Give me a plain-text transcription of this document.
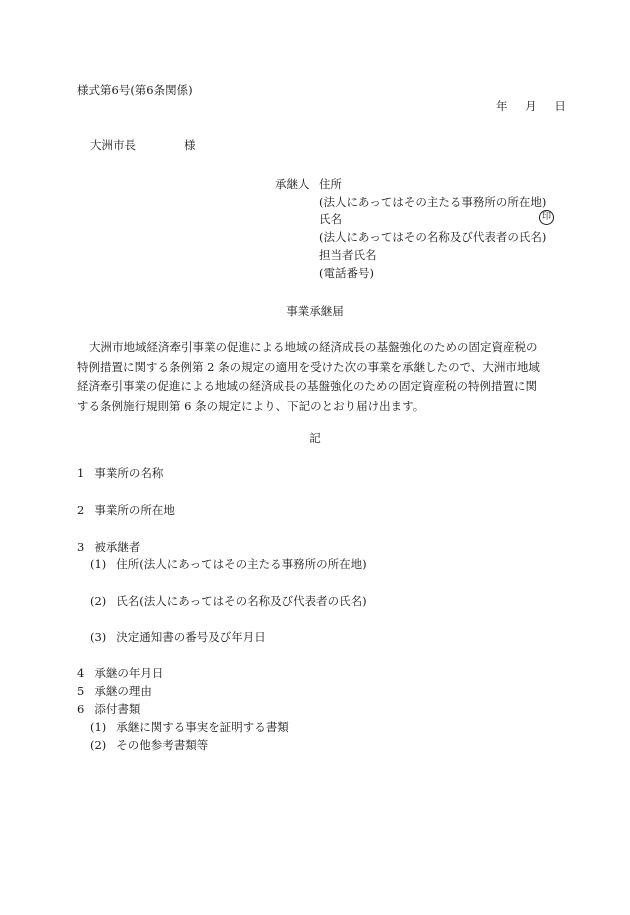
様式第6号(第6条関係)
年 月 日
大洲市長	様
承継人 住所
(法人にあってはその主たる事務所の所在地)
氏名	印
(法人にあってはその名称及び代表者の氏名)
担当者氏名
(電話番号)
事業承継届

大洲市地域経済牽引事業の促進による地域の経済成長の基盤強化のための固定資産税の

特例措置に関する条例第 2 条の規定の適用を受けた次の事業を承継したので、大洲市地域

経済牽引事業の促進による地域の経済成長の基盤強化のための固定資産税の特例措置に関

する条例施行規則第 6 条の規定により、下記のとおり届け出ます。

記
1 事業所の名称
2 事業所の所在地
3 被承継者
(1) 住所(法人にあってはその主たる事務所の所在地)
(2) 氏名(法人にあってはその名称及び代表者の氏名)
(3) 決定通知書の番号及び年月日
4 承継の年月日
5 承継の理由
6 添付書類
(1) 承継に関する事実を証明する書類
(2) その他参考書類等
